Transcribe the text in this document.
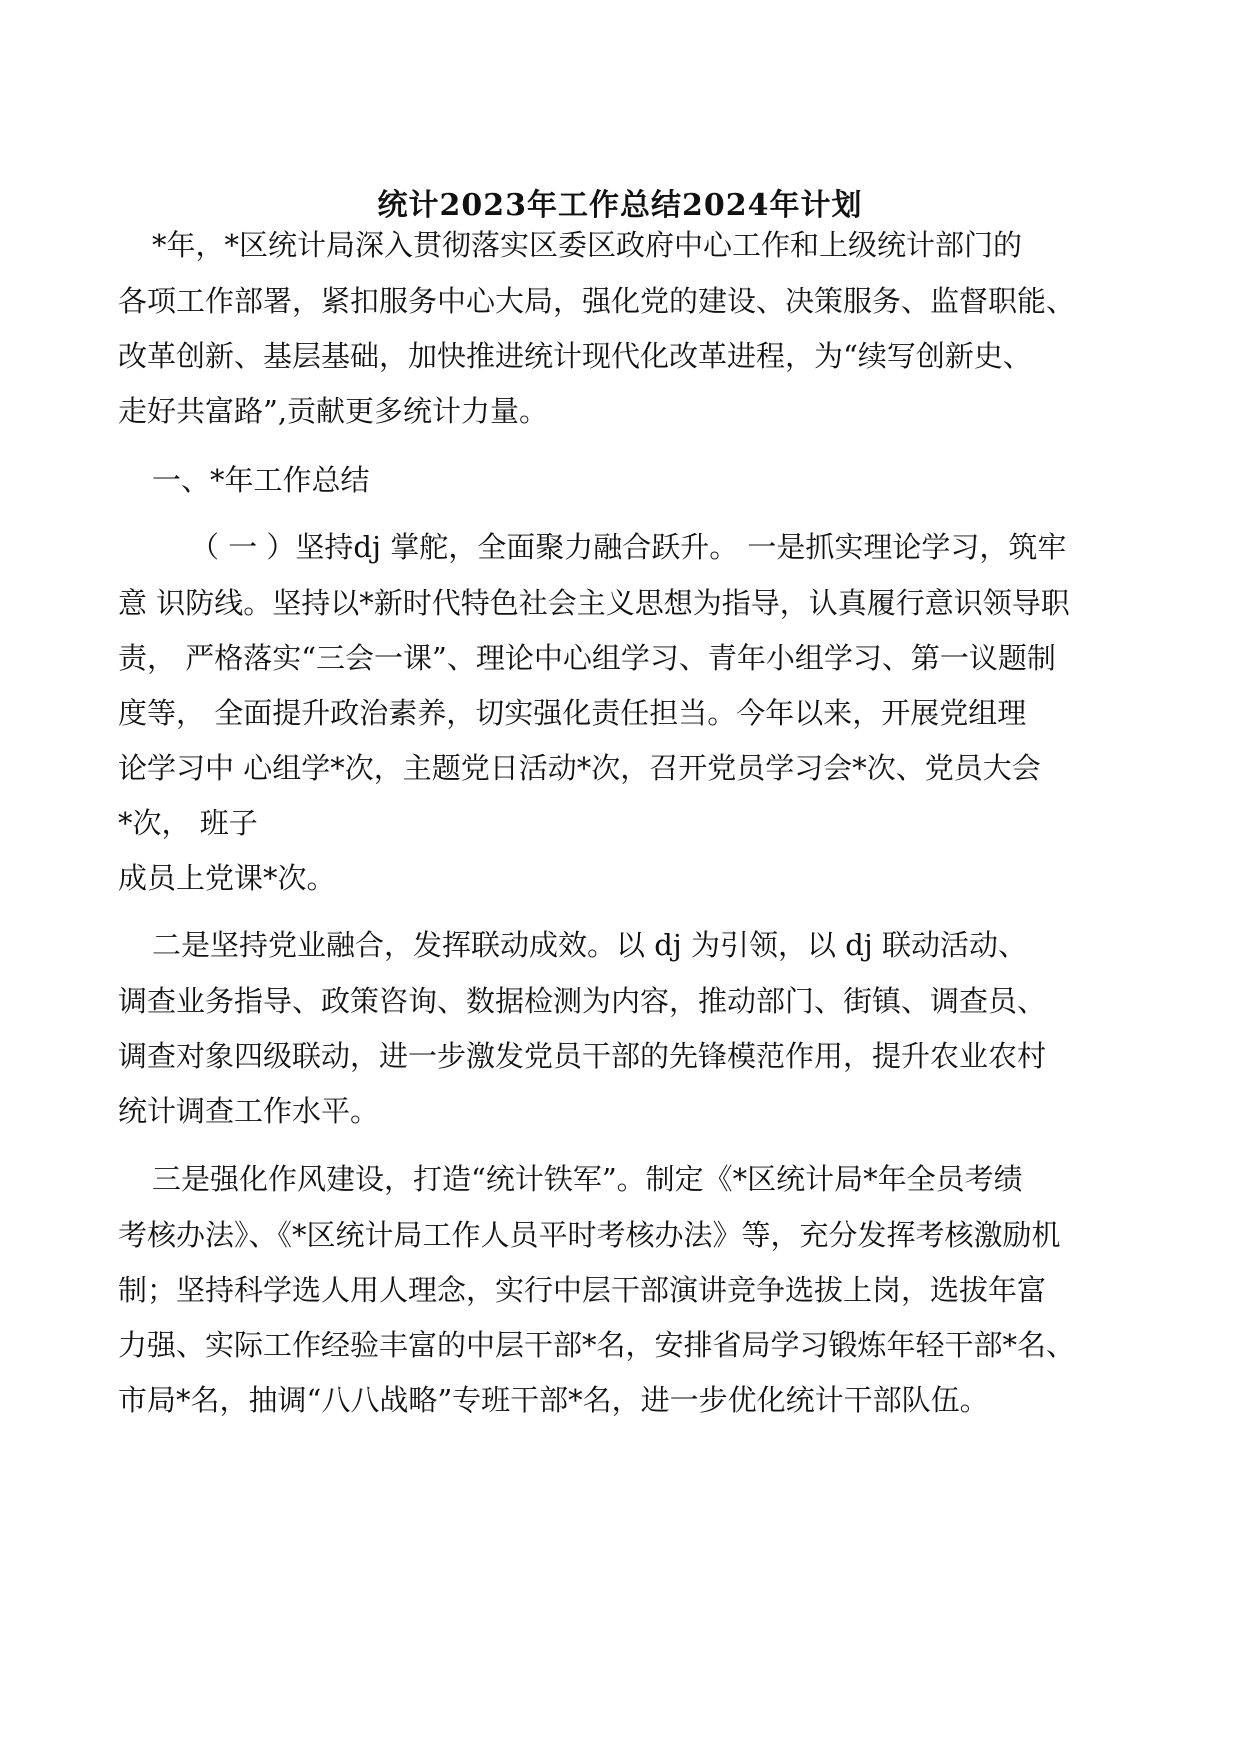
统计2023年工作总结2024年计划

*年，*区统计局深入贯彻落实区委区政府中心工作和上级统计部门的

各项工作部署，紧扣服务中心大局，强化党的建设、决策服务、监督职能、

改革创新、基层基础，加快推进统计现代化改革进程，为“续写创新史、

走好共富路”,贡献更多统计力量。

一、*年工作总结

（ 一 ）坚持dj 掌舵，全面聚力融合跃升。 一是抓实理论学习，筑牢

意 识防线。坚持以*新时代特色社会主义思想为指导，认真履行意识领导职

责， 严格落实“三会一课”、理论中心组学习、青年小组学习、第一议题制

度等， 全面提升政治素养，切实强化责任担当。今年以来，开展党组理

论学习中 心组学*次，主题党日活动*次，召开党员学习会*次、党员大会

*次， 班子

成员上党课*次。

二是坚持党业融合，发挥联动成效。以 dj 为引领，以 dj 联动活动、

调查业务指导、政策咨询、数据检测为内容，推动部门、街镇、调查员、

调查对象四级联动，进一步激发党员干部的先锋模范作用，提升农业农村

统计调查工作水平。

三是强化作风建设，打造“统计铁军”。制定《*区统计局*年全员考绩

考核办法》、《*区统计局工作人员平时考核办法》等，充分发挥考核激励机

制；坚持科学选人用人理念，实行中层干部演讲竞争选拔上岗，选拔年富

力强、实际工作经验丰富的中层干部*名，安排省局学习锻炼年轻干部*名、

市局*名，抽调“八八战略”专班干部*名，进一步优化统计干部队伍。
